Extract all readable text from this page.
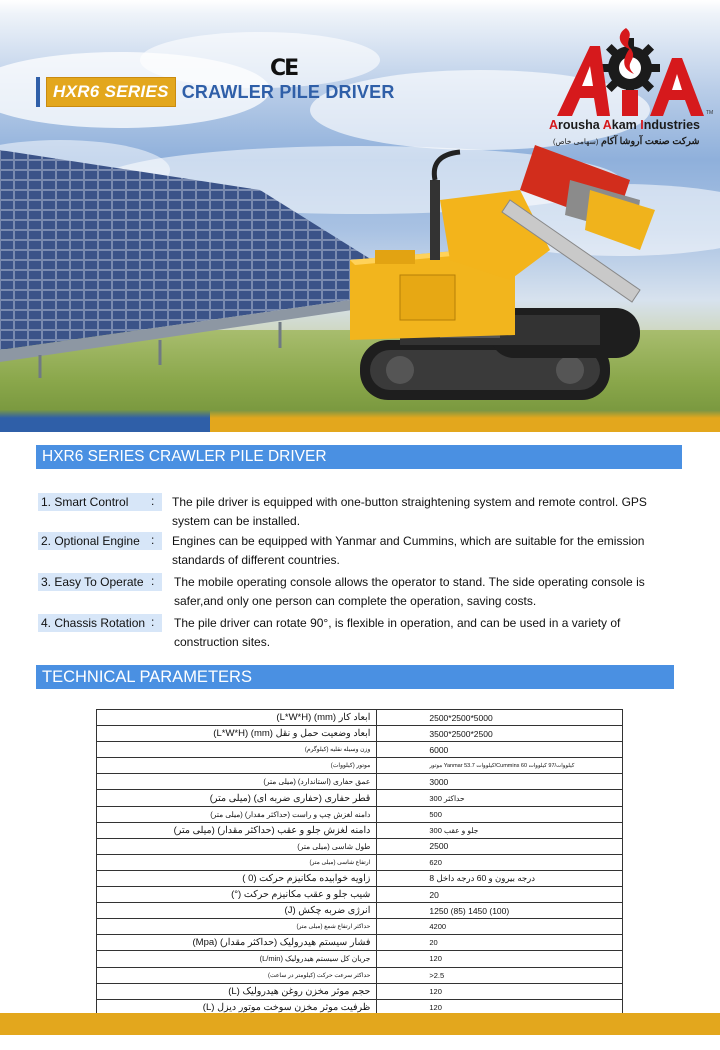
CE
HXR6 SERIES CRAWLER PILE DRIVER
TM
Arousha Akam Industries
شرکت صنعت آروشا آکام (سهامی خاص)
HXR6 SERIES CRAWLER PILE DRIVER
1. Smart Control	: The pile driver is equipped with one-button straightening system and remote control. GPS system can be installed.
2. Optional Engine : Engines can be equipped with Yanmar and Cummins, which are suitable for the emission standards of different countries.
3. Easy To Operate : The mobile operating console allows the operator to stand. The side operating console is safer,and only one person can complete the operation, saving costs.
4. Chassis Rotation : The pile driver can rotate 90°, is flexible in operation, and can be used in a variety of construction sites.
TECHNICAL PARAMETERS
ابعاد کار (mm) (L*W*H)	2500*2500*5000
ابعاد وضعیت حمل و نقل (mm) (L*W*H)	3500*2500*2500
وزن وسیله نقلیه (کیلوگرم)	6000
موتور (کیلووات)	موتور Yanmar 53.7 کیلووات/Cummins 60 کیلووات/97 کیلووات
عمق حفاری (استاندارد) (میلی متر)	3000
قطر حفاری (حفاری ضربه ای) (میلی متر)	300 حداکثر
دامنه لغزش چپ و راست (حداکثر مقدار) (میلی متر)	500
دامنه لغزش جلو و عقب (حداکثر مقدار) (میلی متر)	جلو و عقب 300
طول شاسی (میلی متر)	2500
ارتفاع شاسی (میلی متر)	620
زاویه خوابیده مکانیزم حرکت (0 )	8 درجه بیرون و 60 درجه داخل
شیب جلو و عقب مکانیزم حرکت (°)	20
انرژی ضربه چکش (J)	1250 (85) 1450 (100)
حداکثر ارتفاع شمع (میلی متر)	4200
فشار سیستم هیدرولیک (حداکثر مقدار) (Mpa)	20
جریان کل سیستم هیدرولیک (L/min)	120
حداکثر سرعت حرکت (کیلومتر در ساعت)	>2.5
حجم موثر مخزن روغن هیدرولیک (L)	120
ظرفیت موثر مخزن سوخت موتور دیزل (L)	120
